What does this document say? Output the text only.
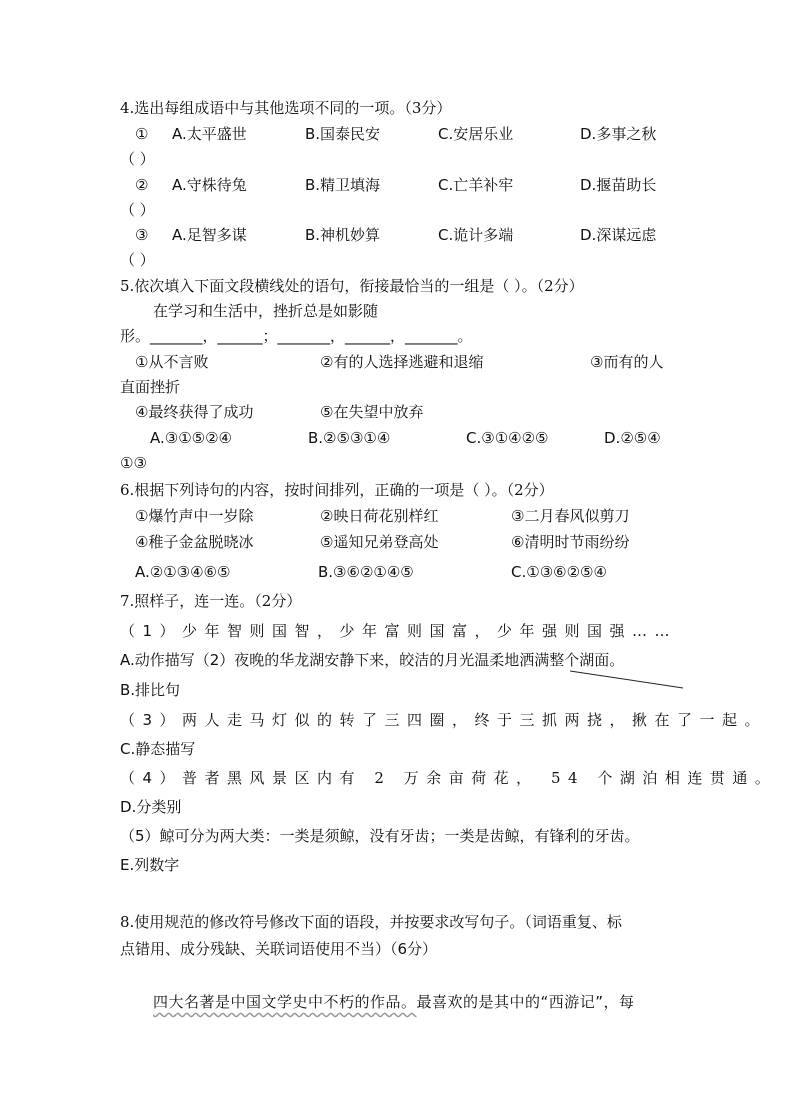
4.选出每组成语中与其他选项不同的一项。（3分）
① A.太平盛世	B.国泰民安	C.安居乐业	D.多事之秋
（ ）
② A.守株待兔	B.精卫填海	C.亡羊补牢	D.揠苗助长
（ ）
③ A.足智多谋	B.神机妙算	C.诡计多端	D.深谋远虑
（ ）
5.依次填入下面文段横线处的语句，衔接最恰当的一组是（ ）。（2分）
在学习和生活中，挫折总是如影随
形。_______，______；_______，______，_______。
①从不言败	②有的人选择逃避和退缩	③而有的人
直面挫折
④最终获得了成功	⑤在失望中放弃
A.③①⑤②④	B.②⑤③①④	C.③①④②⑤	D.②⑤④
①③
6.根据下列诗句的内容，按时间排列，正确的一项是（ ）。（2分）
①爆竹声中一岁除	②映日荷花别样红	③二月春风似剪刀
④稚子金盆脱晓冰	⑤遥知兄弟登高处	⑥清明时节雨纷纷
A.②①③④⑥⑤	B.③⑥②①④⑤	C.①③⑥②⑤④
7.照样子，连一连。（2分）
（1）少年智则国智，少年富则国富，少年强则国强……
A.动作描写（2）夜晚的华龙湖安静下来，皎洁的月光温柔地洒满整个湖面。
B.排比句
（3）两人走马灯似的转了三四圈，终于三抓两挠，揪在了一起。
C.静态描写
（4）普者黑风景区内有 2 万余亩荷花， 54 个湖泊相连贯通。
D.分类别
（5）鲸可分为两大类：一类是须鲸，没有牙齿；一类是齿鲸，有锋利的牙齿。
E.列数字
8.使用规范的修改符号修改下面的语段，并按要求改写句子。（词语重复、标
点错用、成分残缺、关联词语使用不当）（6分）
四大名著是中国文学史中不朽的作品。最喜欢的是其中的“西游记”，每
